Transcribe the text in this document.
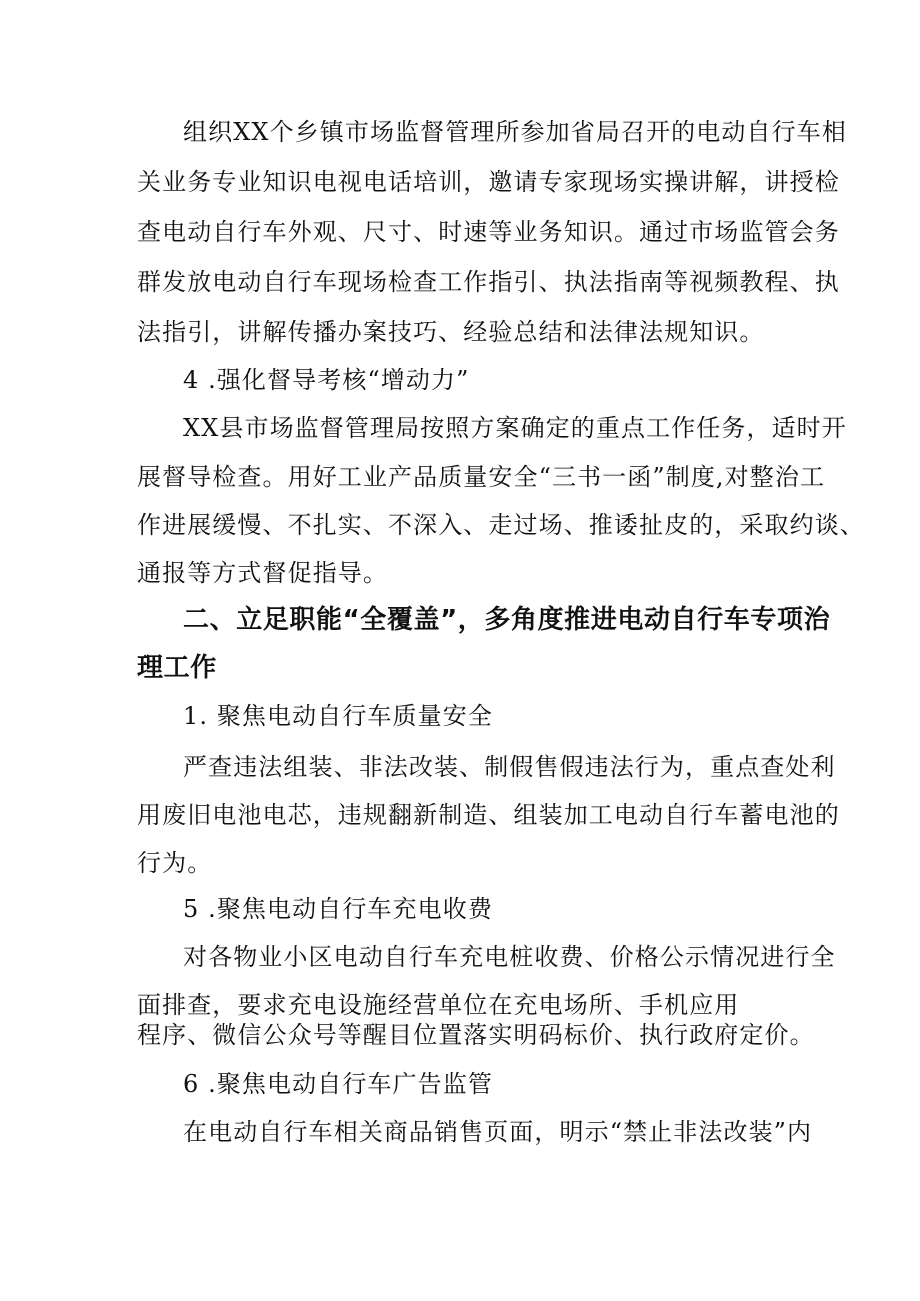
组织XX个乡镇市场监督管理所参加省局召开的电动自行车相
关业务专业知识电视电话培训，邀请专家现场实操讲解，讲授检
查电动自行车外观、尺寸、时速等业务知识。通过市场监管会务
群发放电动自行车现场检查工作指引、执法指南等视频教程、执
法指引，讲解传播办案技巧、经验总结和法律法规知识。
4 .强化督导考核“增动力”
XX县市场监督管理局按照方案确定的重点工作任务，适时开
展督导检查。用好工业产品质量安全“三书一函”制度,对整治工
作进展缓慢、不扎实、不深入、走过场、推诿扯皮的，采取约谈、
通报等方式督促指导。
二、立足职能“全覆盖”，多角度推进电动自行车专项治
理工作
1. 聚焦电动自行车质量安全
严查违法组装、非法改装、制假售假违法行为，重点查处利
用废旧电池电芯，违规翻新制造、组装加工电动自行车蓄电池的
行为。
5 .聚焦电动自行车充电收费
对各物业小区电动自行车充电桩收费、价格公示情况进行全
面排查，要求充电设施经营单位在充电场所、手机应用
程序、微信公众号等醒目位置落实明码标价、执行政府定价。
6 .聚焦电动自行车广告监管
在电动自行车相关商品销售页面，明示“禁止非法改装”内
